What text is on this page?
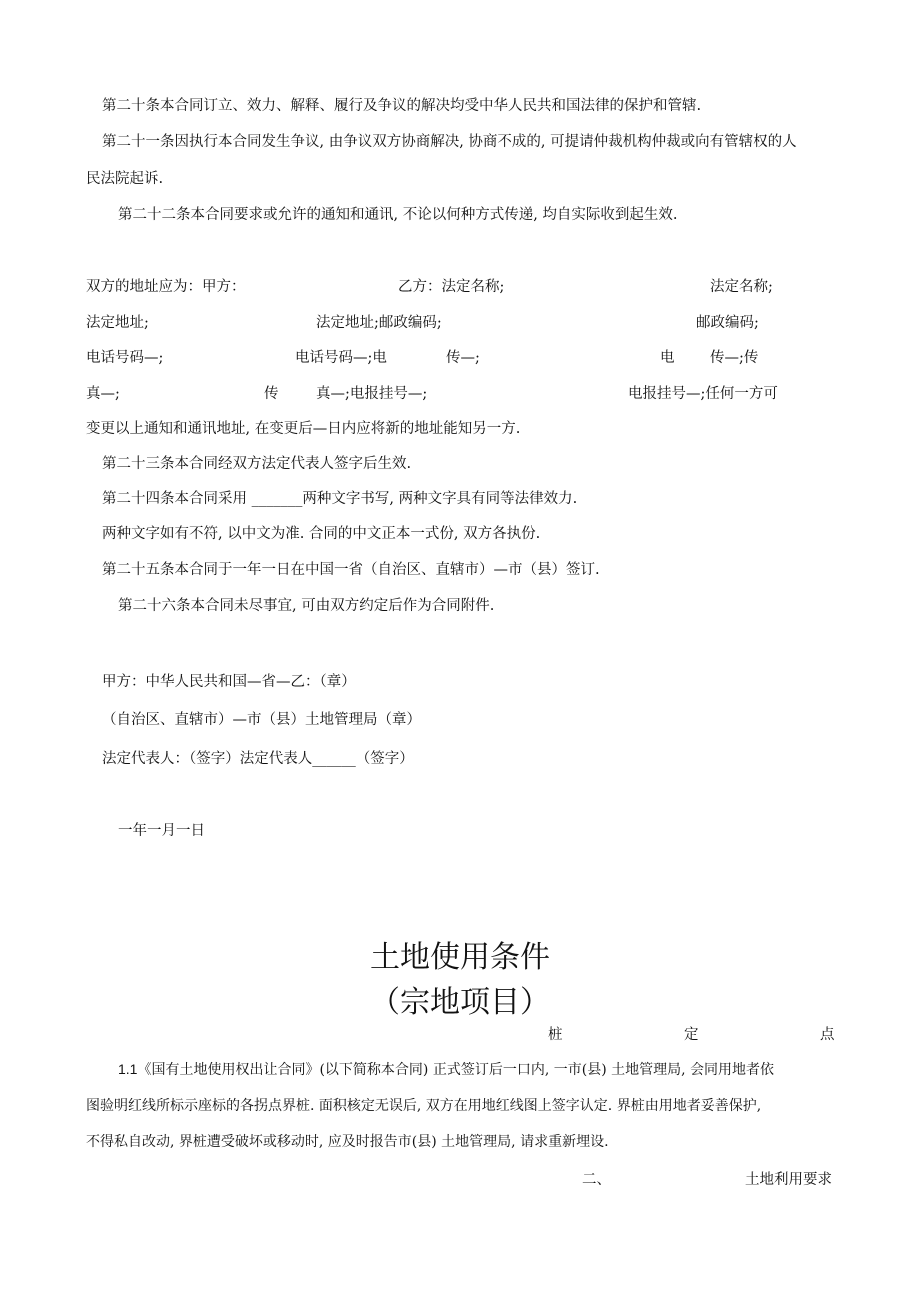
第二十条本合同订立、效力、解释、履行及争议的解决均受中华人民共和国法律的保护和管辖.
第二十一条因执行本合同发生争议, 由争议双方协商解决, 协商不成的, 可提请仲裁机构仲裁或向有管辖权的人
民法院起诉.
第二十二条本合同要求或允许的通知和通讯, 不论以何种方式传递, 均自实际收到起生效.
双方的地址应为：甲方：	乙方：法定名称;	法定名称;
法定地址;	法定地址;邮政编码;	邮政编码;
电话号码—;	电话号码—;电	传—;	电 传—;传
真—;	传	真—;电报挂号—;	电报挂号—;任何一方可
变更以上通知和通讯地址, 在变更后—日内应将新的地址能知另一方.
第二十三条本合同经双方法定代表人签字后生效.
第二十四条本合同采用 _______两种文字书写, 两种文字具有同等法律效力.
两种文字如有不符, 以中文为准. 合同的中文正本一式份, 双方各执份.
第二十五条本合同于一年一日在中国一省（自治区、直辖市）—市（县）签订.
第二十六条本合同未尽事宜, 可由双方约定后作为合同附件.
甲方：中华人民共和国—省—乙：（章）
（自治区、直辖市）—市（县）土地管理局（章）
法定代表人：（签字）法定代表人______（签字）
一年一月一日
土地使用条件
（宗地项目）
桩	定	点
1.1《国有土地使用权出让合同》(以下简称本合同) 正式签订后一口内, 一市(县) 土地管理局, 会同用地者依
图验明红线所标示座标的各拐点界桩. 面积核定无误后, 双方在用地红线图上签字认定. 界桩由用地者妥善保护,
不得私自改动, 界桩遭受破坏或移动时, 应及时报告市(县) 土地管理局, 请求重新埋设.
二、	土地利用要求
